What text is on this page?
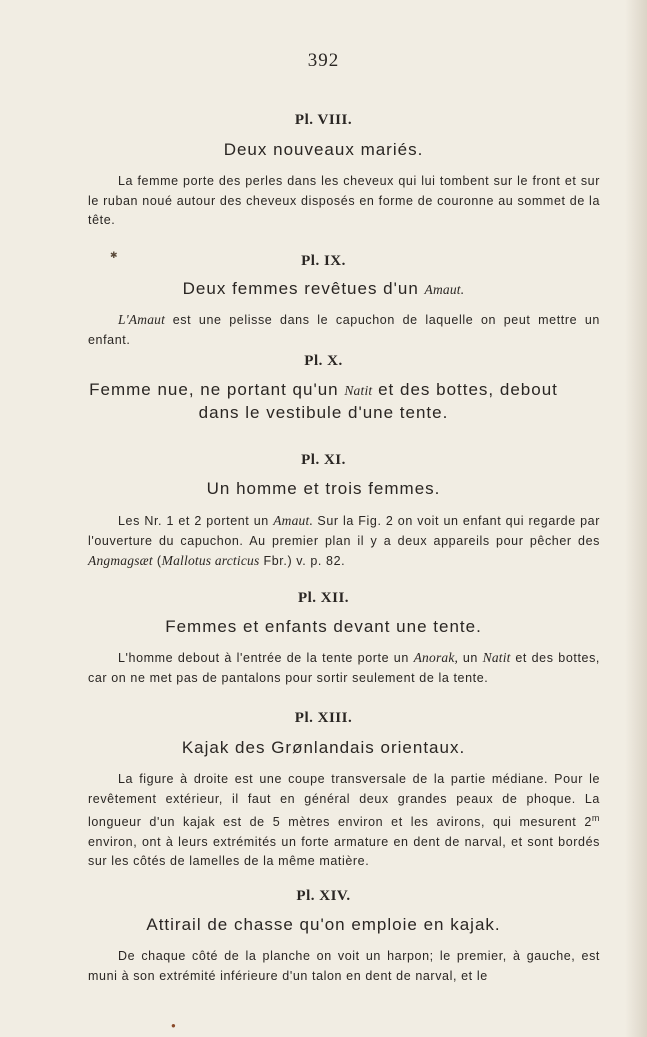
392
Pl. VIII.
Deux nouveaux mariés.

La femme porte des perles dans les cheveux qui lui tombent sur le front et sur le ruban noué autour des cheveux disposés en forme de couronne au sommet de la tête.

✱	Pl. IX.
Deux femmes revêtues d'un Amaut.

L'Amaut est une pelisse dans le capuchon de laquelle on peut mettre un enfant.

Pl. X.
Femme nue, ne portant qu'un Natit et des bottes, debout dans le vestibule d'une tente.
Pl. XI.
Un homme et trois femmes.

Les Nr. 1 et 2 portent un Amaut. Sur la Fig. 2 on voit un enfant qui regarde par l'ouverture du capuchon. Au premier plan il y a deux appareils pour pêcher des Angmagsæt (Mallotus arcticus Fbr.) v. p. 82.

Pl. XII.
Femmes et enfants devant une tente.

L'homme debout à l'entrée de la tente porte un Anorak, un Natit et des bottes, car on ne met pas de pantalons pour sortir seulement de la tente.

Pl. XIII.
Kajak des Grønlandais orientaux.

La figure à droite est une coupe transversale de la partie médiane. Pour le revêtement extérieur, il faut en général deux grandes peaux de phoque. La longueur d'un kajak est de 5 mètres environ et les avirons, qui mesurent 2$^m$ environ, ont à leurs extrémités un forte armature en dent de narval, et sont bordés sur les côtés de lamelles de la même matière.

Pl. XIV.
Attirail de chasse qu'on emploie en kajak.

De chaque côté de la planche on voit un harpon; le premier, à gauche, est muni à son extrémité inférieure d'un talon en dent de narval, et le

●
